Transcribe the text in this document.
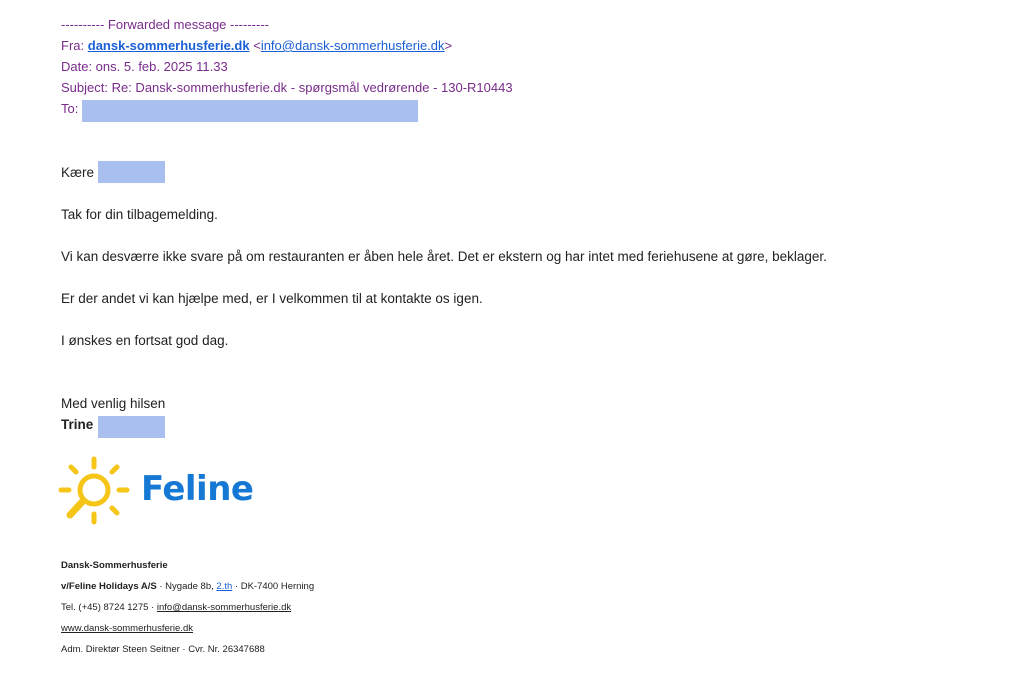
---------- Forwarded message ---------
Fra: dansk-sommerhusferie.dk <info@dansk-sommerhusferie.dk>
Date: ons. 5. feb. 2025 11.33
Subject: Re: Dansk-sommerhusferie.dk - spørgsmål vedrørende - 130-R10443
To:
Kære
Tak for din tilbagemelding.
Vi kan desværre ikke svare på om restauranten er åben hele året. Det er ekstern og har intet med feriehusene at gøre, beklager.
Er der andet vi kan hjælpe med, er I velkommen til at kontakte os igen.
I ønskes en fortsat god dag.
Med venlig hilsen
Trine
Feline
Dansk-Sommerhusferie
v/Feline Holidays A/S · Nygade 8b, 2.th · DK-7400 Herning
Tel. (+45) 8724 1275 · info@dansk-sommerhusferie.dk
www.dansk-sommerhusferie.dk
Adm. Direktør Steen Seitner · Cvr. Nr. 26347688
